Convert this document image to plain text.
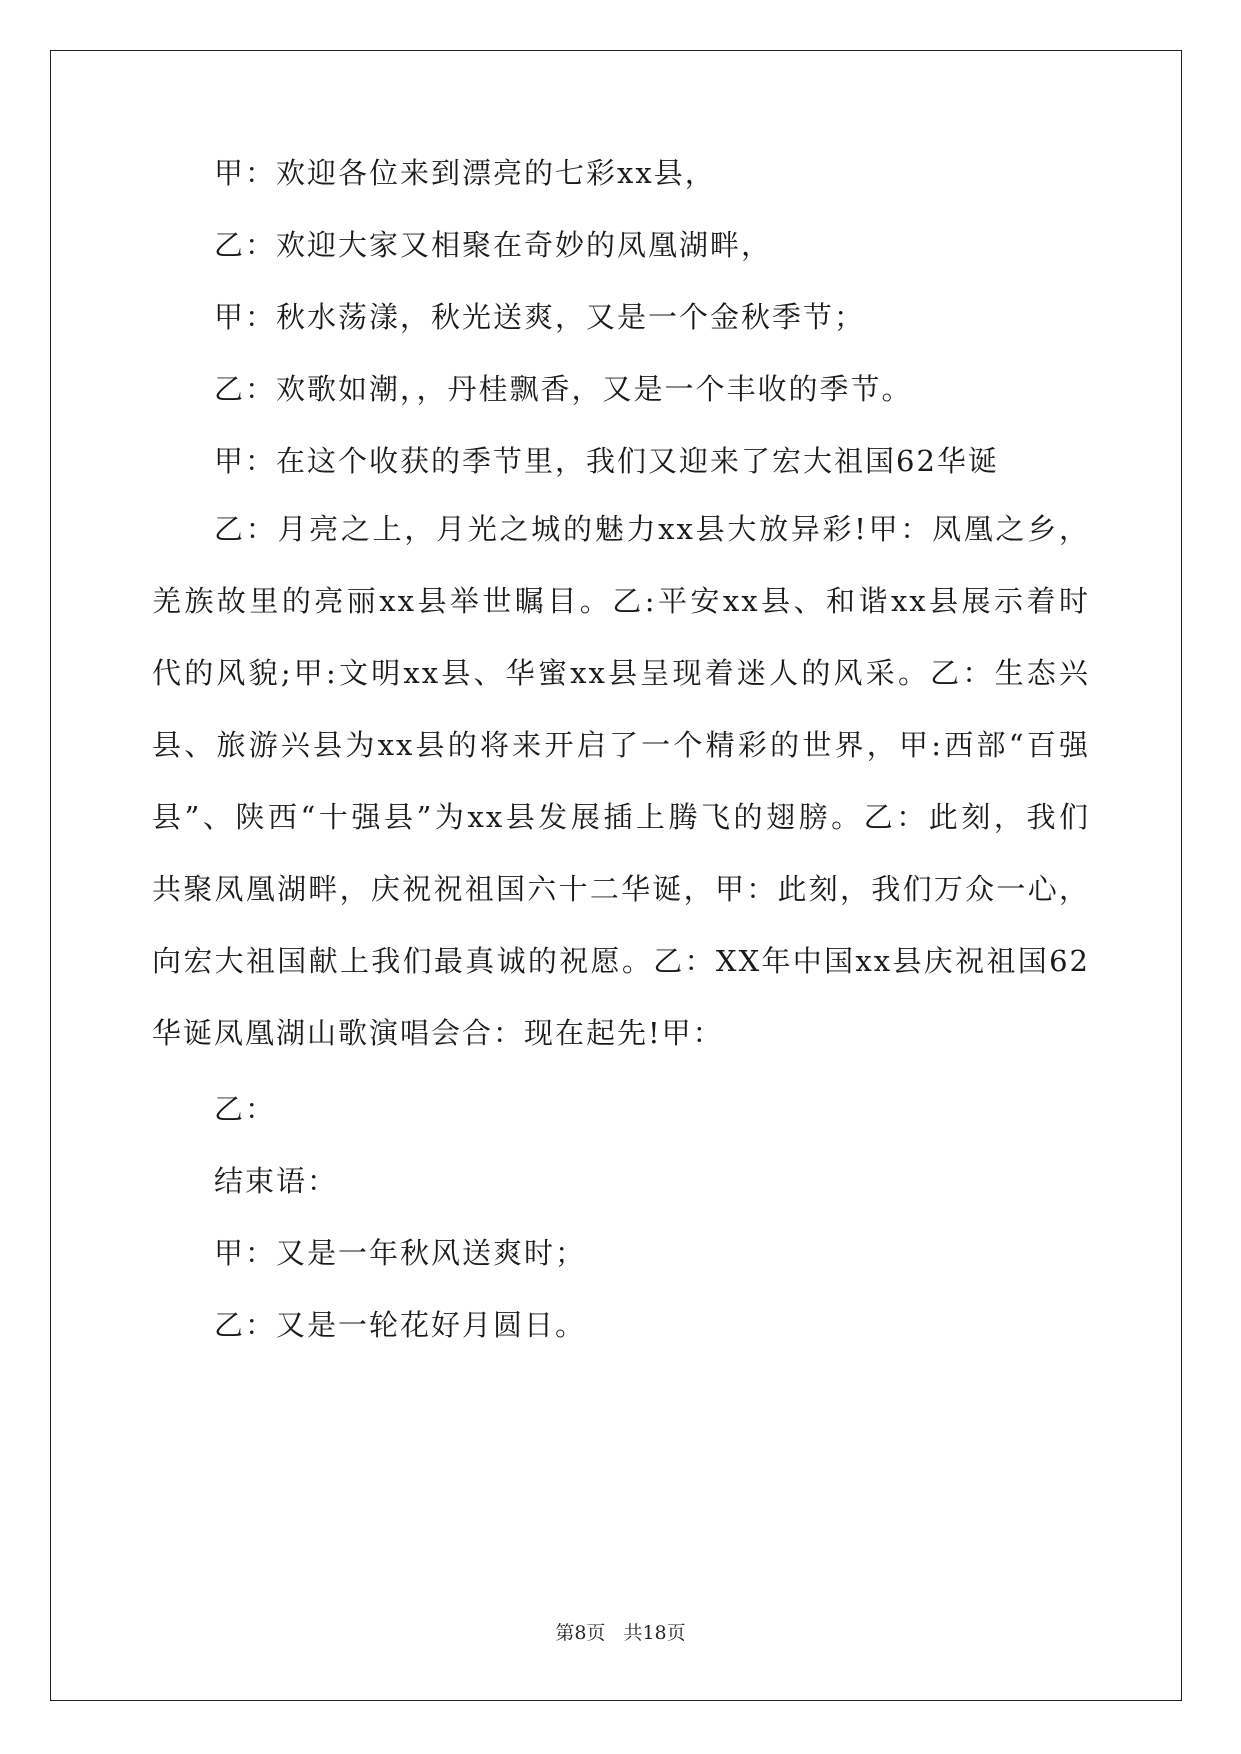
甲：欢迎各位来到漂亮的七彩xx县，

乙：欢迎大家又相聚在奇妙的凤凰湖畔，

甲：秋水荡漾，秋光送爽，又是一个金秋季节；

乙：欢歌如潮，，丹桂飘香，又是一个丰收的季节。

甲：在这个收获的季节里，我们又迎来了宏大祖国62华诞

乙：月亮之上，月光之城的魅力xx县大放异彩!甲：凤凰之乡，
羌族故里的亮丽xx县举世瞩目。乙:平安xx县、和谐xx县展示着时
代的风貌;甲:文明xx县、华蜜xx县呈现着迷人的风采。乙：生态兴
县、旅游兴县为xx县的将来开启了一个精彩的世界，甲:西部“百强
县”、陕西“十强县”为xx县发展插上腾飞的翅膀。乙：此刻，我们
共聚凤凰湖畔，庆祝祝祖国六十二华诞，甲：此刻，我们万众一心，
向宏大祖国献上我们最真诚的祝愿。乙：XX年中国xx县庆祝祖国62
华诞凤凰湖山歌演唱会合：现在起先!甲：

乙：

结束语：

甲：又是一年秋风送爽时；

乙：又是一轮花好月圆日。

第8页 共18页
